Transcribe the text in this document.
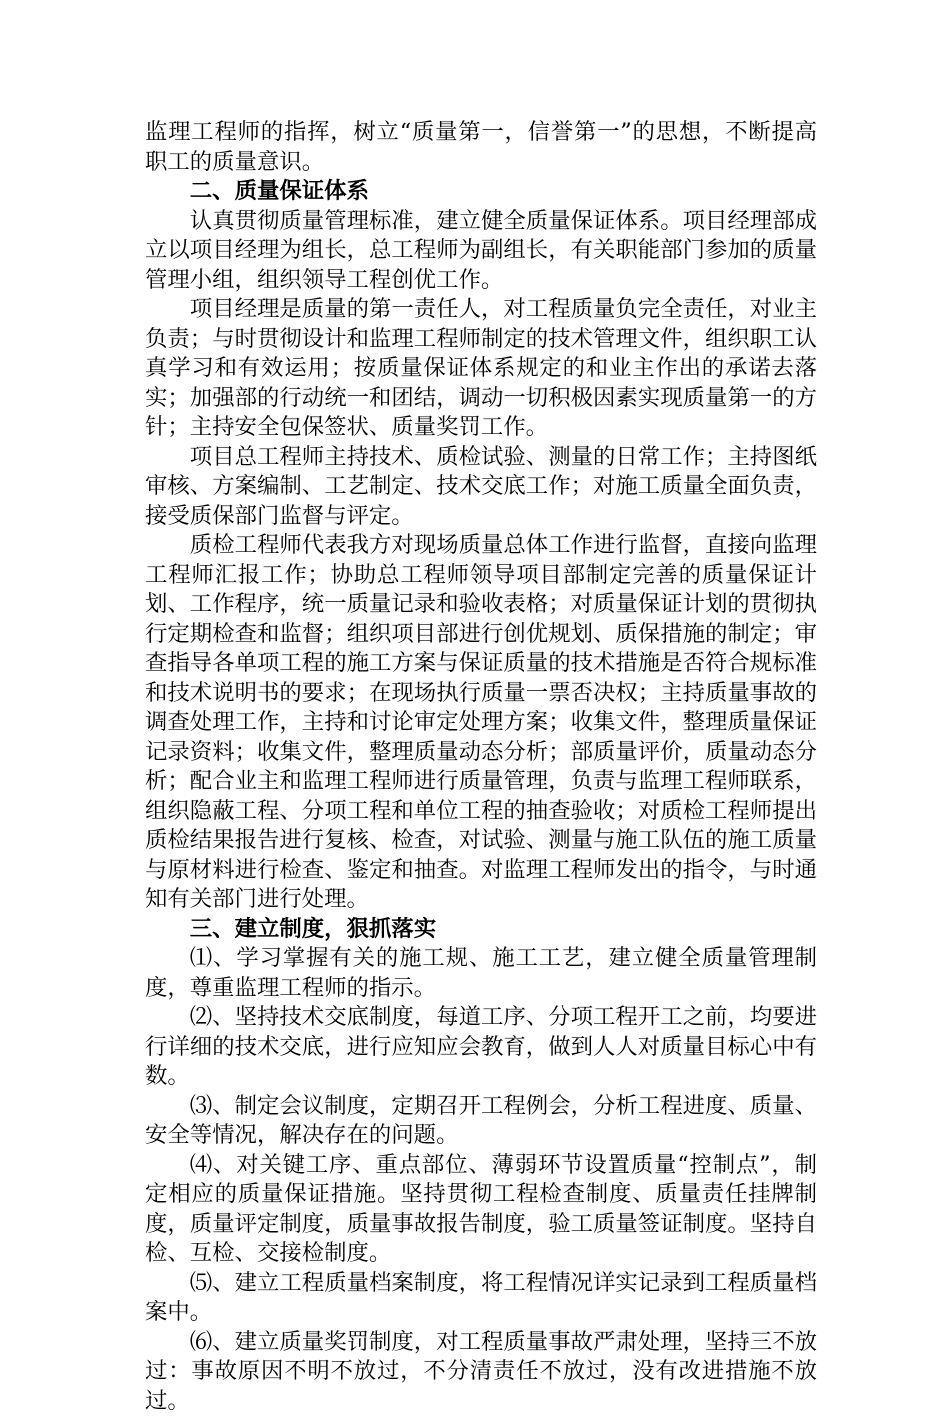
监理工程师的指挥，树立“质量第一，信誉第一”的思想，不断提高职工的质量意识。

二、质量保证体系

认真贯彻质量管理标准，建立健全质量保证体系。项目经理部成立以项目经理为组长，总工程师为副组长，有关职能部门参加的质量管理小组，组织领导工程创优工作。

项目经理是质量的第一责任人，对工程质量负完全责任，对业主负责；与时贯彻设计和监理工程师制定的技术管理文件，组织职工认真学习和有效运用；按质量保证体系规定的和业主作出的承诺去落实；加强部的行动统一和团结，调动一切积极因素实现质量第一的方针；主持安全包保签状、质量奖罚工作。

项目总工程师主持技术、质检试验、测量的日常工作；主持图纸审核、方案编制、工艺制定、技术交底工作；对施工质量全面负责，接受质保部门监督与评定。

质检工程师代表我方对现场质量总体工作进行监督，直接向监理工程师汇报工作；协助总工程师领导项目部制定完善的质量保证计划、工作程序，统一质量记录和验收表格；对质量保证计划的贯彻执行定期检查和监督；组织项目部进行创优规划、质保措施的制定；审查指导各单项工程的施工方案与保证质量的技术措施是否符合规标准和技术说明书的要求；在现场执行质量一票否决权；主持质量事故的调查处理工作，主持和讨论审定处理方案；收集文件，整理质量保证记录资料；收集文件，整理质量动态分析；部质量评价，质量动态分析；配合业主和监理工程师进行质量管理，负责与监理工程师联系，组织隐蔽工程、分项工程和单位工程的抽查验收；对质检工程师提出质检结果报告进行复核、检查，对试验、测量与施工队伍的施工质量与原材料进行检查、鉴定和抽查。对监理工程师发出的指令，与时通知有关部门进行处理。

三、建立制度，狠抓落实

⑴、学习掌握有关的施工规、施工工艺，建立健全质量管理制度，尊重监理工程师的指示。

⑵、坚持技术交底制度，每道工序、分项工程开工之前，均要进行详细的技术交底，进行应知应会教育，做到人人对质量目标心中有数。

⑶、制定会议制度，定期召开工程例会，分析工程进度、质量、安全等情况，解决存在的问题。

⑷、对关键工序、重点部位、薄弱环节设置质量“控制点”，制定相应的质量保证措施。坚持贯彻工程检查制度、质量责任挂牌制度，质量评定制度，质量事故报告制度，验工质量签证制度。坚持自检、互检、交接检制度。

⑸、建立工程质量档案制度，将工程情况详实记录到工程质量档案中。

⑹、建立质量奖罚制度，对工程质量事故严肃处理，坚持三不放过：事故原因不明不放过，不分清责任不放过，没有改进措施不放过。
